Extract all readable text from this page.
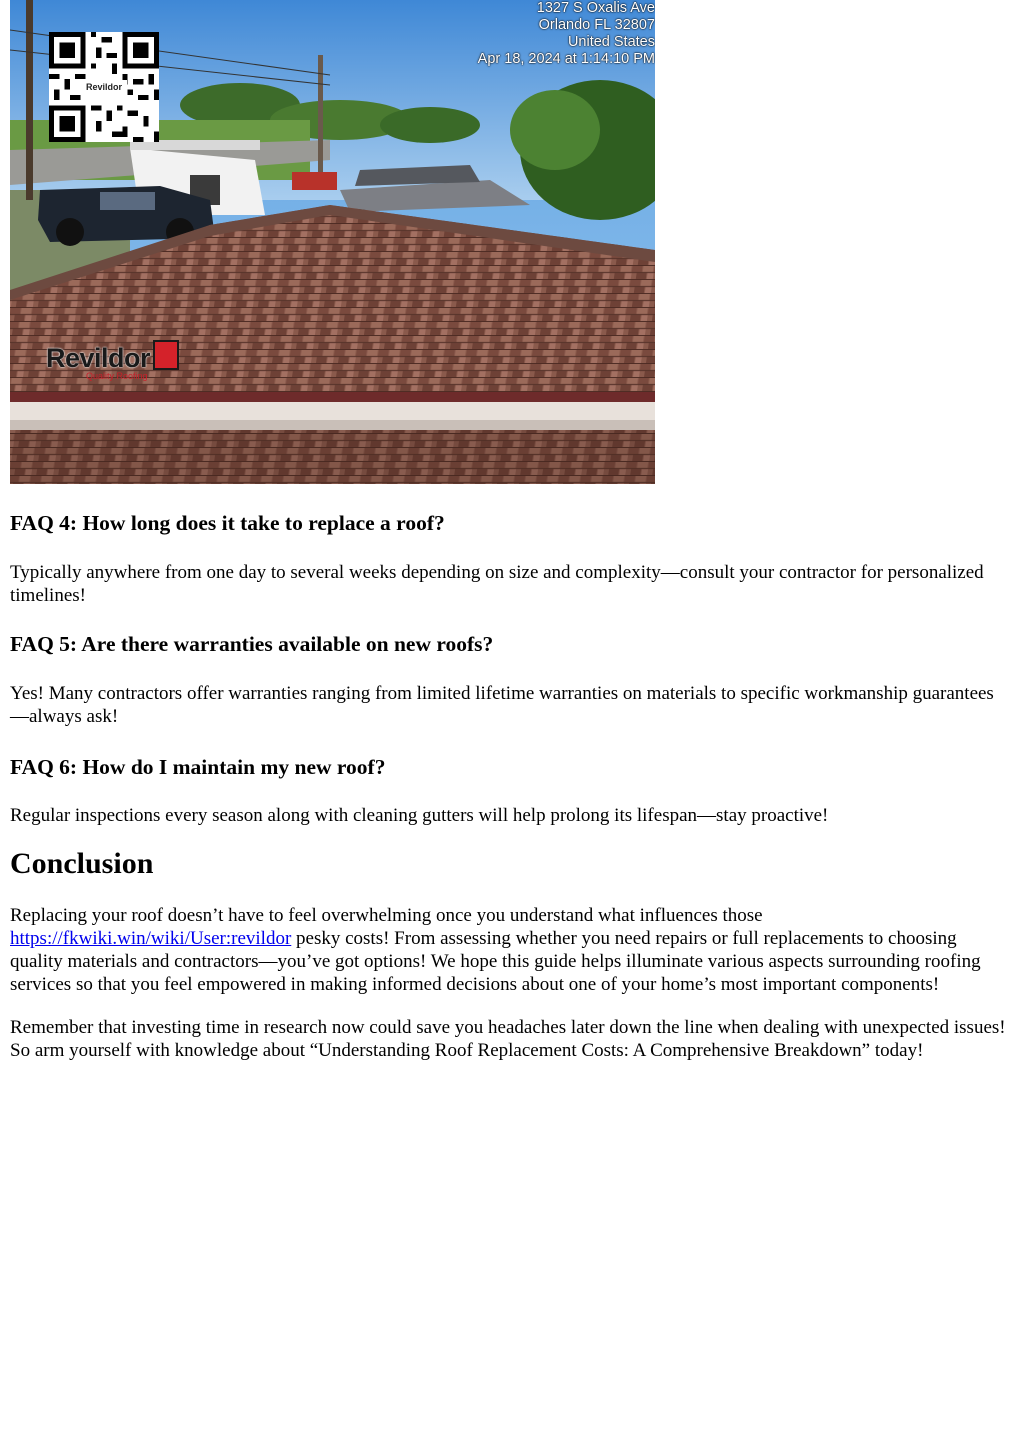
Revildor
1327 S Oxalis Ave
Orlando FL 32807
United States
Apr 18, 2024 at 1:14:10 PM
Revildor
Quality Roofing
FAQ 4: How long does it take to replace a roof?

Typically anywhere from one day to several weeks depending on size and complexity—consult your contractor for personalized timelines!

FAQ 5: Are there warranties available on new roofs?

Yes! Many contractors offer warranties ranging from limited lifetime warranties on materials to specific workmanship guarantees—always ask!

FAQ 6: How do I maintain my new roof?

Regular inspections every season along with cleaning gutters will help prolong its lifespan—stay proactive!

Conclusion

Replacing your roof doesn’t have to feel overwhelming once you understand what influences those https://fkwiki.win/wiki/User:revildor pesky costs! From assessing whether you need repairs or full replacements to choosing quality materials and contractors—you’ve got options! We hope this guide helps illuminate various aspects surrounding roofing services so that you feel empowered in making informed decisions about one of your home’s most important components!

Remember that investing time in research now could save you headaches later down the line when dealing with unexpected issues! So arm yourself with knowledge about “Understanding Roof Replacement Costs: A Comprehensive Breakdown” today!
